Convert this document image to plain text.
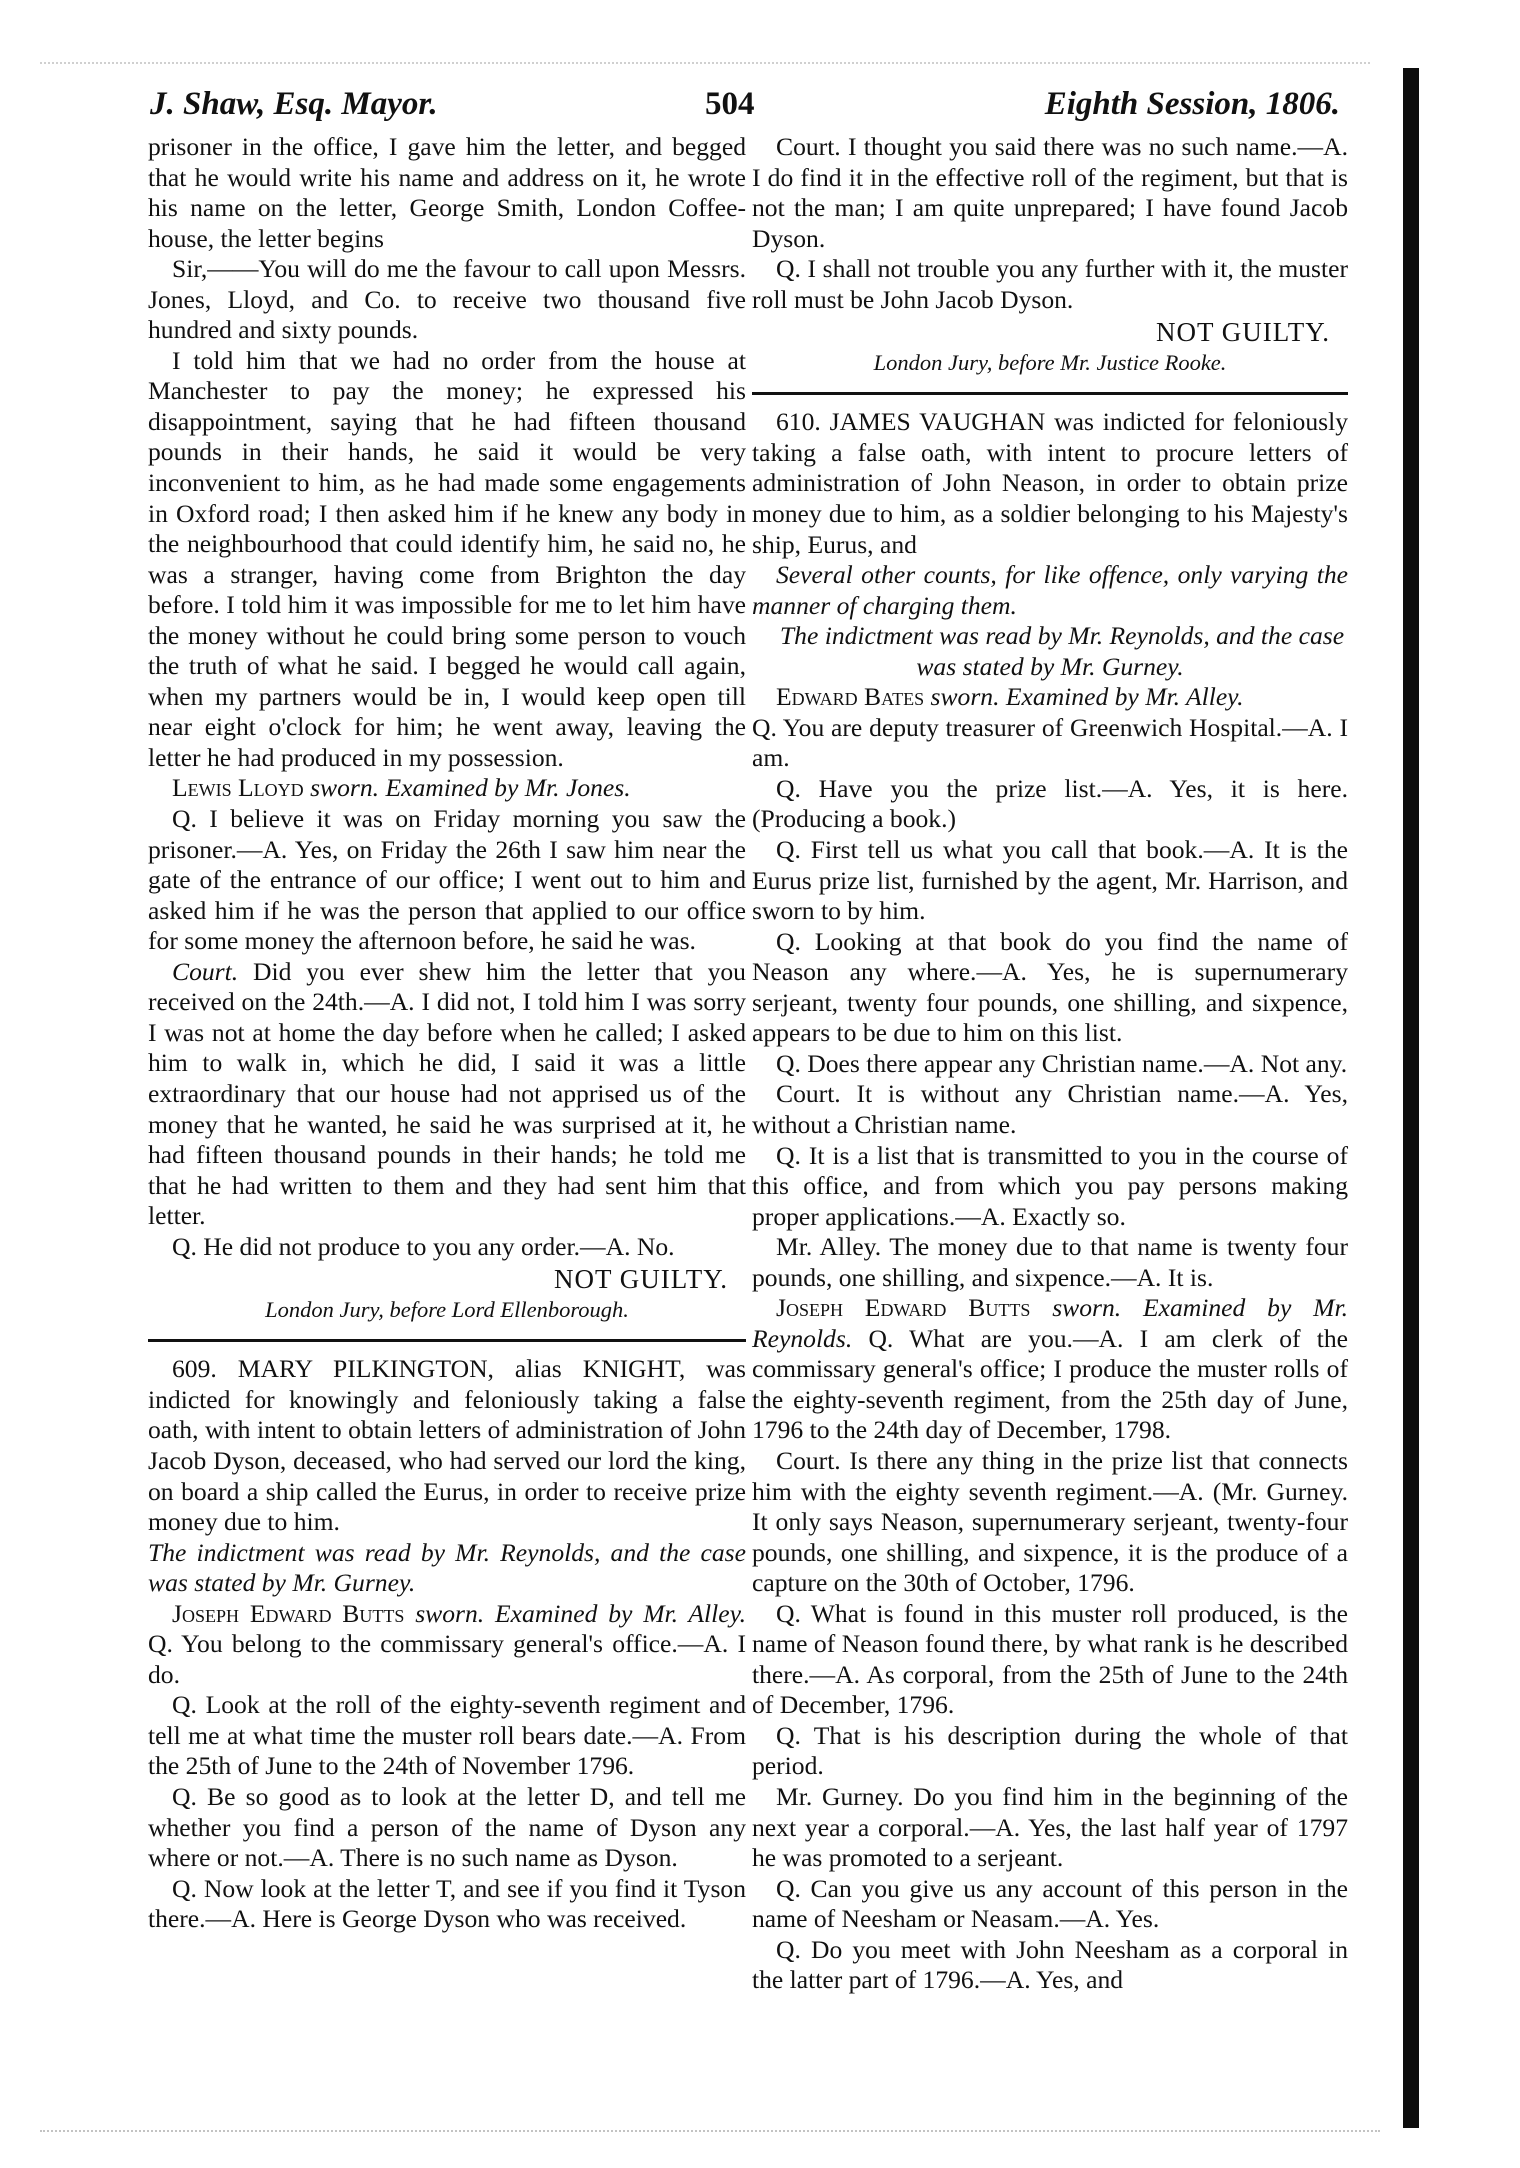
J. Shaw, Esq. Mayor.	504	Eighth Session, 1806.

prisoner in the office, I gave him the letter, and begged that he would write his name and address on it, he wrote his name on the letter, George Smith, London Coffee-house, the letter begins

Sir,——You will do me the favour to call upon Messrs. Jones, Lloyd, and Co. to receive two thousand five hundred and sixty pounds.

I told him that we had no order from the house at Manchester to pay the money; he expressed his disappointment, saying that he had fifteen thousand pounds in their hands, he said it would be very inconvenient to him, as he had made some engagements in Oxford road; I then asked him if he knew any body in the neighbourhood that could identify him, he said no, he was a stranger, having come from Brighton the day before. I told him it was impossible for me to let him have the money without he could bring some person to vouch the truth of what he said. I begged he would call again, when my partners would be in, I would keep open till near eight o'clock for him; he went away, leaving the letter he had produced in my possession.

Lewis Lloyd sworn. Examined by Mr. Jones.

Q. I believe it was on Friday morning you saw the prisoner.—A. Yes, on Friday the 26th I saw him near the gate of the entrance of our office; I went out to him and asked him if he was the person that applied to our office for some money the afternoon before, he said he was.

Court. Did you ever shew him the letter that you received on the 24th.—A. I did not, I told him I was sorry I was not at home the day before when he called; I asked him to walk in, which he did, I said it was a little extraordinary that our house had not apprised us of the money that he wanted, he said he was surprised at it, he had fifteen thousand pounds in their hands; he told me that he had written to them and they had sent him that letter.

Q. He did not produce to you any order.—A. No.

NOT GUILTY.
London Jury, before Lord Ellenborough.

609. MARY PILKINGTON, alias KNIGHT, was indicted for knowingly and feloniously taking a false oath, with intent to obtain letters of administration of John Jacob Dyson, deceased, who had served our lord the king, on board a ship called the Eurus, in order to receive prize money due to him.

The indictment was read by Mr. Reynolds, and the case was stated by Mr. Gurney.

Joseph Edward Butts sworn. Examined by Mr. Alley. Q. You belong to the commissary general's office.—A. I do.

Q. Look at the roll of the eighty-seventh regiment and tell me at what time the muster roll bears date.—A. From the 25th of June to the 24th of November 1796.

Q. Be so good as to look at the letter D, and tell me whether you find a person of the name of Dyson any where or not.—A. There is no such name as Dyson.

Q. Now look at the letter T, and see if you find it Tyson there.—A. Here is George Dyson who was received.

Court. I thought you said there was no such name.—A. I do find it in the effective roll of the regiment, but that is not the man; I am quite unprepared; I have found Jacob Dyson.

Q. I shall not trouble you any further with it, the muster roll must be John Jacob Dyson.

NOT GUILTY.
London Jury, before Mr. Justice Rooke.

610. JAMES VAUGHAN was indicted for feloniously taking a false oath, with intent to procure letters of administration of John Neason, in order to obtain prize money due to him, as a soldier belonging to his Majesty's ship, Eurus, and

Several other counts, for like offence, only varying the manner of charging them.

The indictment was read by Mr. Reynolds, and the case was stated by Mr. Gurney.

Edward Bates sworn. Examined by Mr. Alley.

Q. You are deputy treasurer of Greenwich Hospital.—A. I am.

Q. Have you the prize list.—A. Yes, it is here. (Producing a book.)

Q. First tell us what you call that book.—A. It is the Eurus prize list, furnished by the agent, Mr. Harrison, and sworn to by him.

Q. Looking at that book do you find the name of Neason any where.—A. Yes, he is supernumerary serjeant, twenty four pounds, one shilling, and sixpence, appears to be due to him on this list.

Q. Does there appear any Christian name.—A. Not any.

Court. It is without any Christian name.—A. Yes, without a Christian name.

Q. It is a list that is transmitted to you in the course of this office, and from which you pay persons making proper applications.—A. Exactly so.

Mr. Alley. The money due to that name is twenty four pounds, one shilling, and sixpence.—A. It is.

Joseph Edward Butts sworn. Examined by Mr. Reynolds. Q. What are you.—A. I am clerk of the commissary general's office; I produce the muster rolls of the eighty-seventh regiment, from the 25th day of June, 1796 to the 24th day of December, 1798.

Court. Is there any thing in the prize list that connects him with the eighty seventh regiment.—A. (Mr. Gurney. It only says Neason, supernumerary serjeant, twenty-four pounds, one shilling, and sixpence, it is the produce of a capture on the 30th of October, 1796.

Q. What is found in this muster roll produced, is the name of Neason found there, by what rank is he described there.—A. As corporal, from the 25th of June to the 24th of December, 1796.

Q. That is his description during the whole of that period.

Mr. Gurney. Do you find him in the beginning of the next year a corporal.—A. Yes, the last half year of 1797 he was promoted to a serjeant.

Q. Can you give us any account of this person in the name of Neesham or Neasam.—A. Yes.

Q. Do you meet with John Neesham as a corporal in the latter part of 1796.—A. Yes, and
